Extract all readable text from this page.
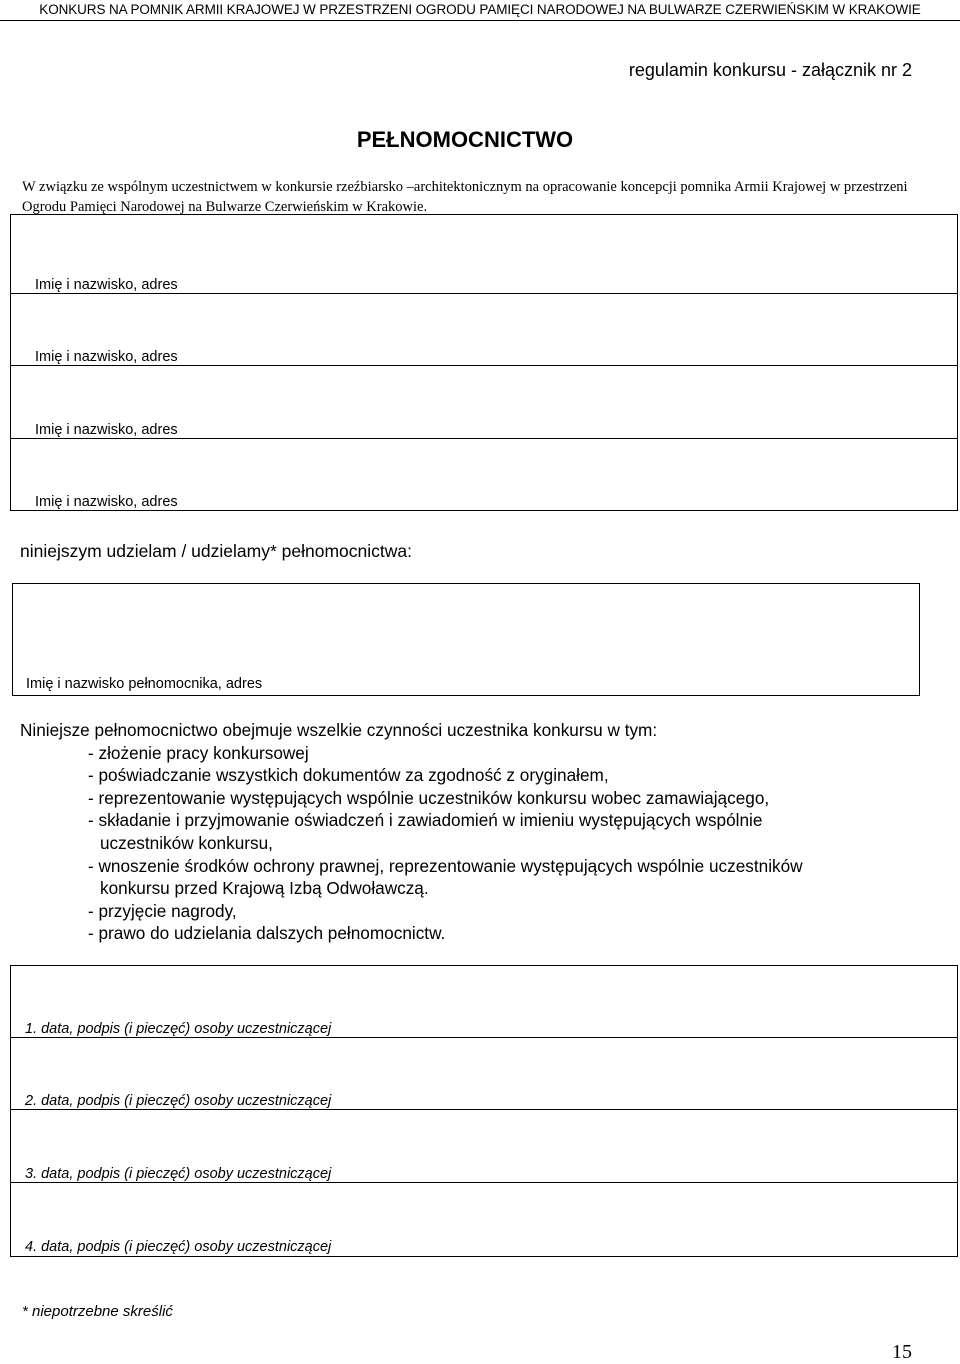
KONKURS NA POMNIK ARMII KRAJOWEJ W PRZESTRZENI OGRODU PAMIĘCI NARODOWEJ NA BULWARZE CZERWIEŃSKIM W KRAKOWIE
regulamin konkursu - załącznik nr 2
PEŁNOMOCNICTWO
W związku ze wspólnym uczestnictwem w konkursie rzeźbiarsko –architektonicznym na opracowanie koncepcji pomnika Armii Krajowej w przestrzeni Ogrodu Pamięci Narodowej na Bulwarze Czerwieńskim w Krakowie.
Imię i nazwisko, adres
Imię i nazwisko, adres
Imię i nazwisko, adres
Imię i nazwisko, adres
niniejszym udzielam / udzielamy* pełnomocnictwa:
Imię i nazwisko pełnomocnika, adres
Niniejsze pełnomocnictwo obejmuje wszelkie czynności uczestnika konkursu w tym:
- złożenie pracy konkursowej
- poświadczanie wszystkich dokumentów za zgodność z oryginałem,
- reprezentowanie występujących wspólnie uczestników konkursu wobec zamawiającego,
- składanie i przyjmowanie oświadczeń i zawiadomień w imieniu występujących wspólnie
uczestników konkursu,
- wnoszenie środków ochrony prawnej, reprezentowanie występujących wspólnie uczestników
konkursu przed Krajową Izbą Odwoławczą.
- przyjęcie nagrody,
- prawo do udzielania dalszych pełnomocnictw.
1. data, podpis (i pieczęć) osoby uczestniczącej
2. data, podpis (i pieczęć) osoby uczestniczącej
3. data, podpis (i pieczęć) osoby uczestniczącej
4. data, podpis (i pieczęć) osoby uczestniczącej
* niepotrzebne skreślić
15
